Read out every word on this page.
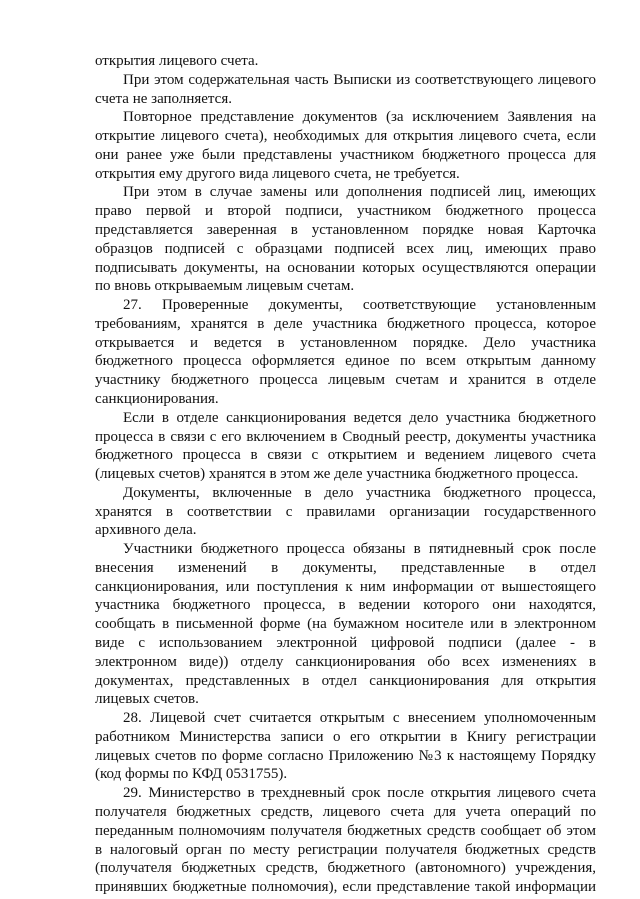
открытия лицевого счета.
При этом содержательная часть Выписки из соответствующего лицевого
счета не заполняется.
Повторное представление документов (за исключением Заявления на
открытие лицевого счета), необходимых для открытия лицевого счета, если
они ранее уже были представлены участником бюджетного процесса для
открытия ему другого вида лицевого счета, не требуется.
При этом в случае замены или дополнения подписей лиц, имеющих
право первой и второй подписи, участником бюджетного процесса
представляется заверенная в установленном порядке новая Карточка
образцов подписей с образцами подписей всех лиц, имеющих право
подписывать документы, на основании которых осуществляются операции
по вновь открываемым лицевым счетам.
27. Проверенные документы, соответствующие установленным
требованиям, хранятся в деле участника бюджетного процесса, которое
открывается и ведется в установленном порядке. Дело участника
бюджетного процесса оформляется единое по всем открытым данному
участнику бюджетного процесса лицевым счетам и хранится в отделе
санкционирования.
Если в отделе санкционирования ведется дело участника бюджетного
процесса в связи с его включением в Сводный реестр, документы участника
бюджетного процесса в связи с открытием и ведением лицевого счета
(лицевых счетов) хранятся в этом же деле участника бюджетного процесса.
Документы, включенные в дело участника бюджетного процесса,
хранятся в соответствии с правилами организации государственного
архивного дела.
Участники бюджетного процесса обязаны в пятидневный срок после
внесения изменений в документы, представленные в отдел
санкционирования, или поступления к ним информации от вышестоящего
участника бюджетного процесса, в ведении которого они находятся,
сообщать в письменной форме (на бумажном носителе или в электронном
виде с использованием электронной цифровой подписи (далее - в
электронном виде)) отделу санкционирования обо всех изменениях в
документах, представленных в отдел санкционирования для открытия
лицевых счетов.
28. Лицевой счет считается открытым с внесением уполномоченным
работником Министерства записи о его открытии в Книгу регистрации
лицевых счетов по форме согласно Приложению №3 к настоящему Порядку
(код формы по КФД 0531755).
29. Министерство в трехдневный срок после открытия лицевого счета
получателя бюджетных средств, лицевого счета для учета операций по
переданным полномочиям получателя бюджетных средств сообщает об этом
в налоговый орган по месту регистрации получателя бюджетных средств
(получателя бюджетных средств, бюджетного (автономного) учреждения,
принявших бюджетные полномочия), если представление такой информации
